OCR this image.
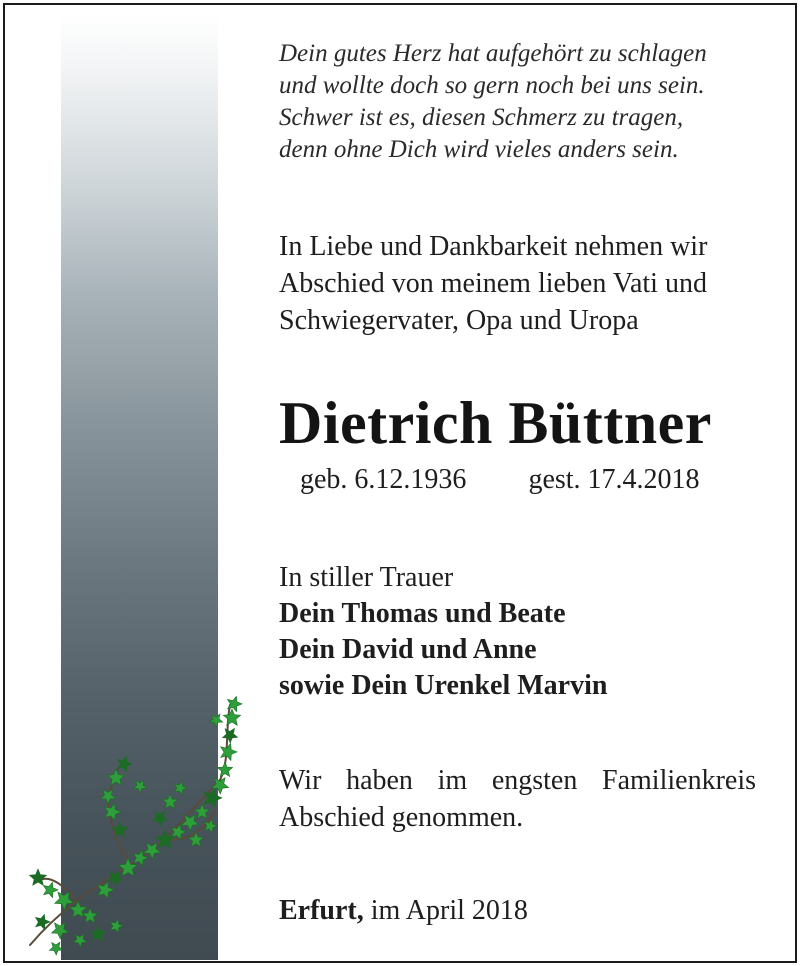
Dein gutes Herz hat aufgehört zu schlagen
und wollte doch so gern noch bei uns sein.
Schwer ist es, diesen Schmerz zu tragen,
denn ohne Dich wird vieles anders sein.
In Liebe und Dankbarkeit nehmen wir
Abschied von meinem lieben Vati und
Schwiegervater, Opa und Uropa
Dietrich Büttner
geb. 6.12.1936 gest. 17.4.2018
In stiller Trauer
Dein Thomas und Beate
Dein David und Anne
sowie Dein Urenkel Marvin
Wir haben im engsten Familienkreis
Abschied genommen.
Erfurt, im April 2018
